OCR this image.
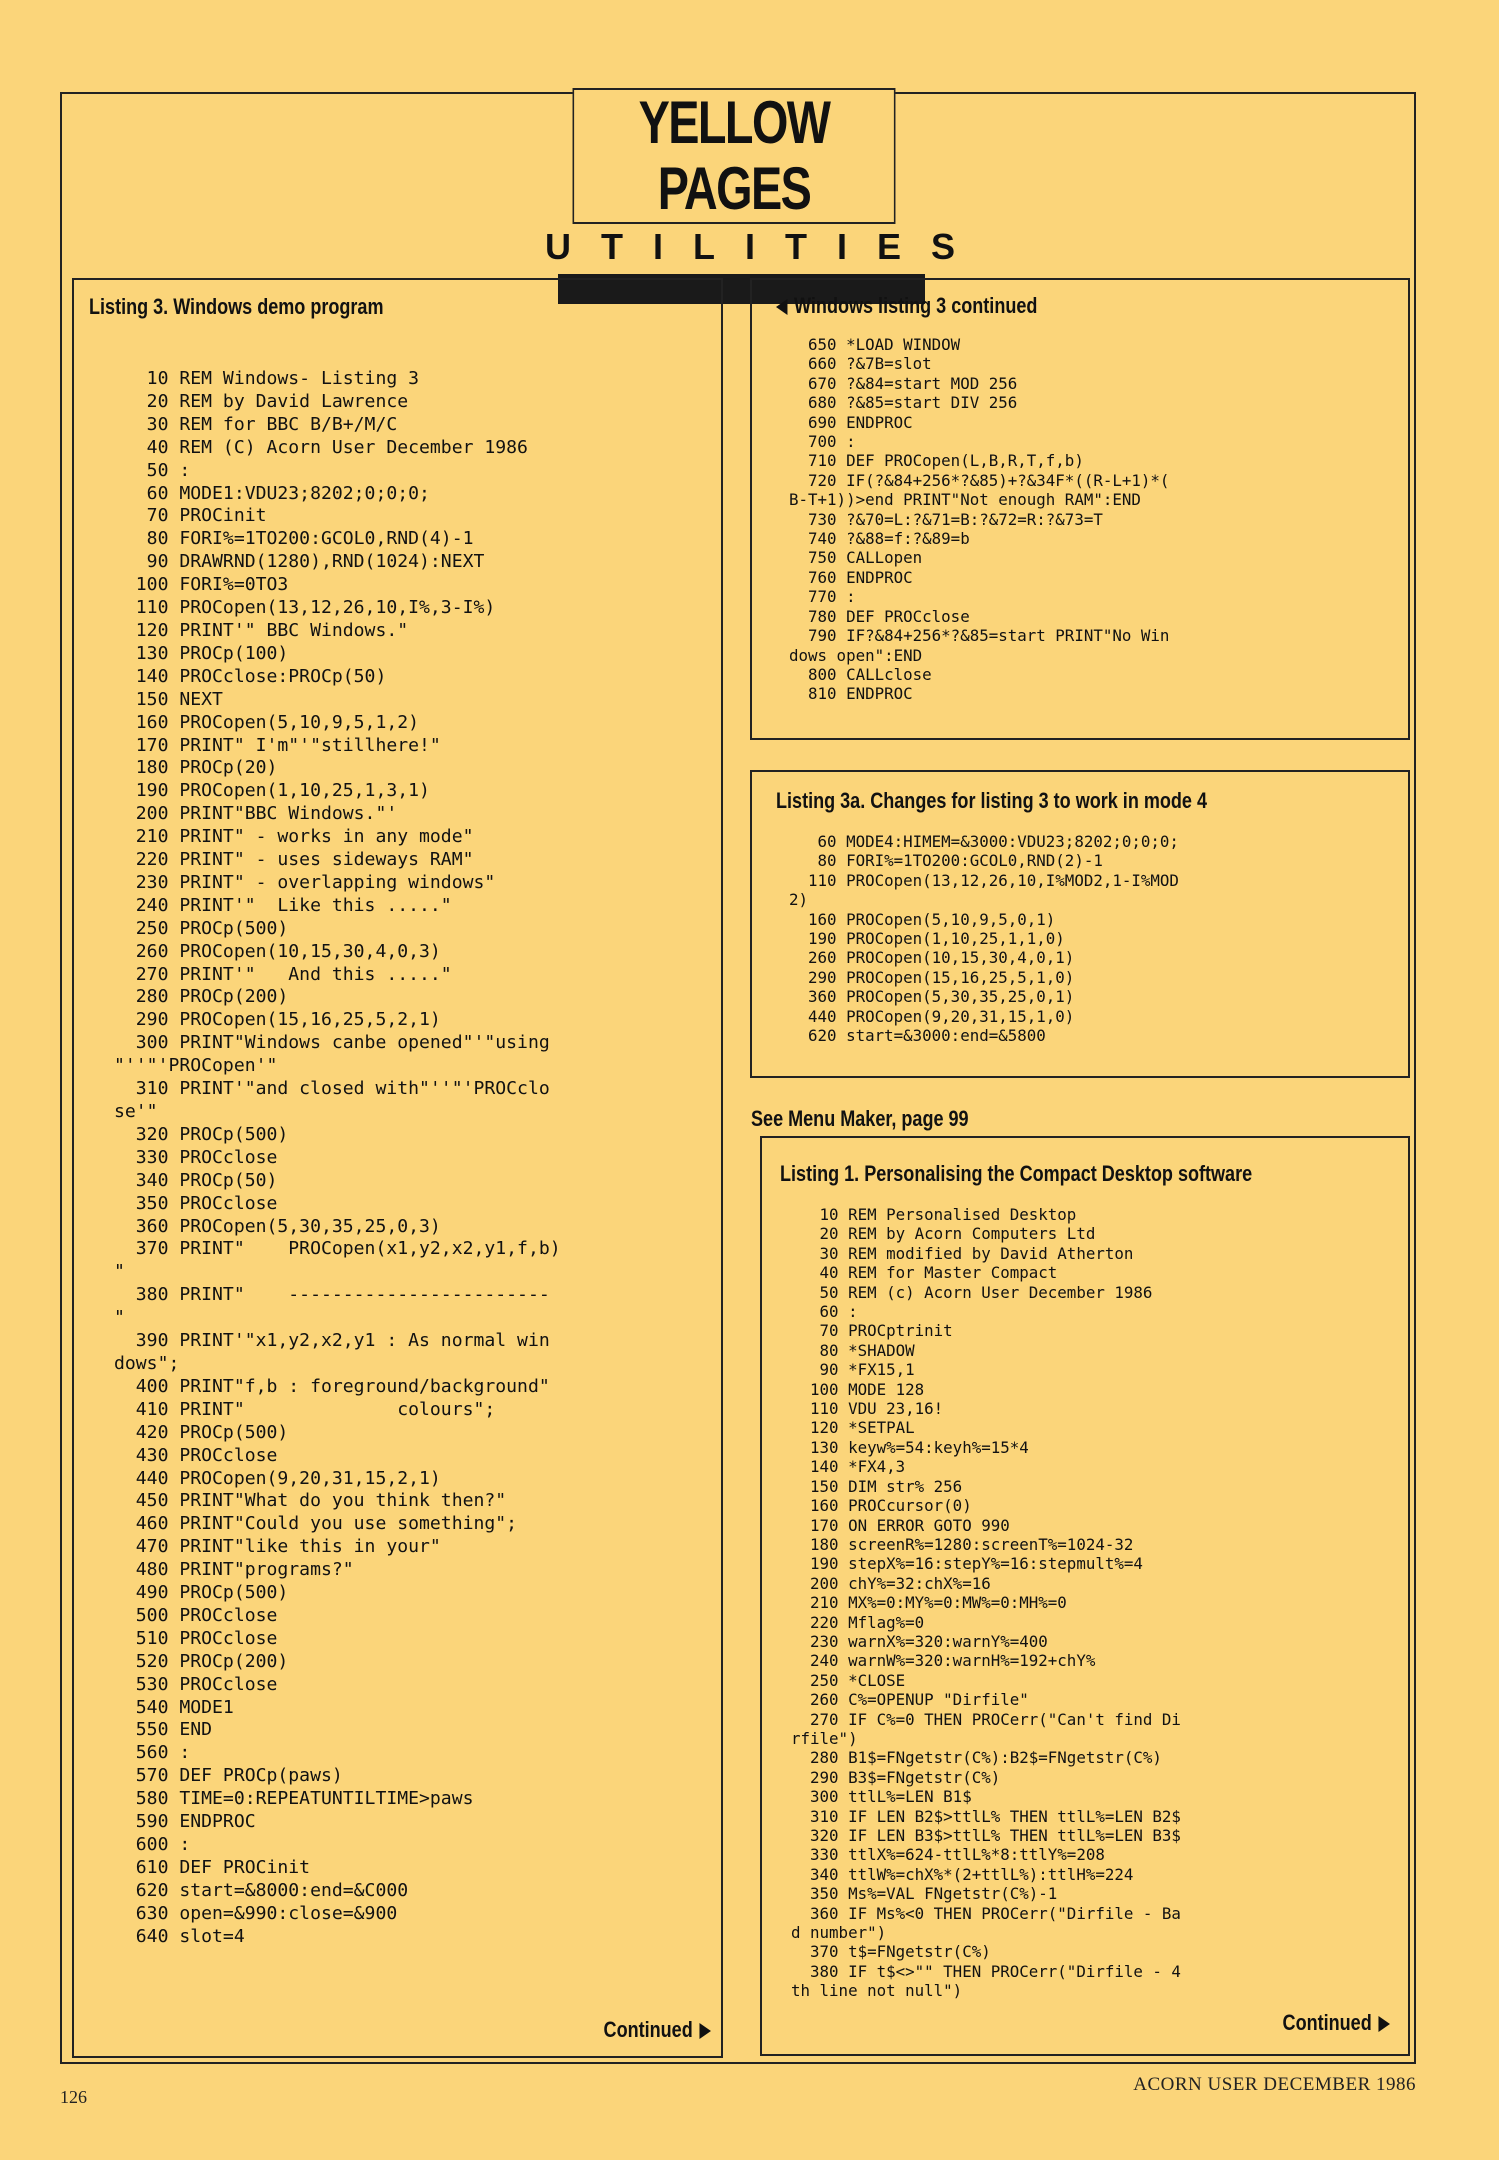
YELLOW PAGES
UTILITIES
Listing 3. Windows demo program
10 REM Windows- Listing 3
20 REM by David Lawrence
30 REM for BBC B/B+/M/C
40 REM (C) Acorn User December 1986
50 :
60 MODE1:VDU23;8202;0;0;0;
70 PROCinit
80 FORI%=1TO200:GCOL0,RND(4)-1
90 DRAWRND(1280),RND(1024):NEXT
100 FORI%=0TO3
110 PROCopen(13,12,26,10,I%,3-I%)
120 PRINT'" BBC Windows."
130 PROCp(100)
140 PROCclose:PROCp(50)
150 NEXT
160 PROCopen(5,10,9,5,1,2)
170 PRINT" I'm"'"stillhere!"
180 PROCp(20)
190 PROCopen(1,10,25,1,3,1)
200 PRINT"BBC Windows."'
210 PRINT" - works in any mode"
220 PRINT" - uses sideways RAM"
230 PRINT" - overlapping windows"
240 PRINT'"  Like this ....."
250 PROCp(500)
260 PROCopen(10,15,30,4,0,3)
270 PRINT'"   And this ....."
280 PROCp(200)
290 PROCopen(15,16,25,5,2,1)
300 PRINT"Windows canbe opened"'"using
"''"'PROCopen'"
310 PRINT'"and closed with"''"'PROCclo
se'"
320 PROCp(500)
330 PROCclose
340 PROCp(50)
350 PROCclose
360 PROCopen(5,30,35,25,0,3)
370 PRINT"    PROCopen(x1,y2,x2,y1,f,b)
"
380 PRINT"    ------------------------
"
390 PRINT'"x1,y2,x2,y1 : As normal win
dows";
400 PRINT"f,b : foreground/background"
410 PRINT"              colours";
420 PROCp(500)
430 PROCclose
440 PROCopen(9,20,31,15,2,1)
450 PRINT"What do you think then?"
460 PRINT"Could you use something";
470 PRINT"like this in your"
480 PRINT"programs?"
490 PROCp(500)
500 PROCclose
510 PROCclose
520 PROCp(200)
530 PROCclose
540 MODE1
550 END
560 :
570 DEF PROCp(paws)
580 TIME=0:REPEATUNTILTIME>paws
590 ENDPROC
600 :
610 DEF PROCinit
620 start=&8000:end=&C000
630 open=&990:close=&900
640 slot=4
Continued
Windows listing 3 continued
650 *LOAD WINDOW
660 ?&7B=slot
670 ?&84=start MOD 256
680 ?&85=start DIV 256
690 ENDPROC
700 :
710 DEF PROCopen(L,B,R,T,f,b)
720 IF(?&84+256*?&85)+?&34F*((R-L+1)*(
B-T+1))>end PRINT"Not enough RAM":END
730 ?&70=L:?&71=B:?&72=R:?&73=T
740 ?&88=f:?&89=b
750 CALLopen
760 ENDPROC
770 :
780 DEF PROCclose
790 IF?&84+256*?&85=start PRINT"No Win
dows open":END
800 CALLclose
810 ENDPROC
Listing 3a. Changes for listing 3 to work in mode 4
60 MODE4:HIMEM=&3000:VDU23;8202;0;0;0;
80 FORI%=1TO200:GCOL0,RND(2)-1
110 PROCopen(13,12,26,10,I%MOD2,1-I%MOD
2)
160 PROCopen(5,10,9,5,0,1)
190 PROCopen(1,10,25,1,1,0)
260 PROCopen(10,15,30,4,0,1)
290 PROCopen(15,16,25,5,1,0)
360 PROCopen(5,30,35,25,0,1)
440 PROCopen(9,20,31,15,1,0)
620 start=&3000:end=&5800
See Menu Maker, page 99
Listing 1. Personalising the Compact Desktop software
10 REM Personalised Desktop
20 REM by Acorn Computers Ltd
30 REM modified by David Atherton
40 REM for Master Compact
50 REM (c) Acorn User December 1986
60 :
70 PROCptrinit
80 *SHADOW
90 *FX15,1
100 MODE 128
110 VDU 23,16!
120 *SETPAL
130 keyw%=54:keyh%=15*4
140 *FX4,3
150 DIM str% 256
160 PROCcursor(0)
170 ON ERROR GOTO 990
180 screenR%=1280:screenT%=1024-32
190 stepX%=16:stepY%=16:stepmult%=4
200 chY%=32:chX%=16
210 MX%=0:MY%=0:MW%=0:MH%=0
220 Mflag%=0
230 warnX%=320:warnY%=400
240 warnW%=320:warnH%=192+chY%
250 *CLOSE
260 C%=OPENUP "Dirfile"
270 IF C%=0 THEN PROCerr("Can't find Di
rfile")
280 B1$=FNgetstr(C%):B2$=FNgetstr(C%)
290 B3$=FNgetstr(C%)
300 ttlL%=LEN B1$
310 IF LEN B2$>ttlL% THEN ttlL%=LEN B2$
320 IF LEN B3$>ttlL% THEN ttlL%=LEN B3$
330 ttlX%=624-ttlL%*8:ttlY%=208
340 ttlW%=chX%*(2+ttlL%):ttlH%=224
350 Ms%=VAL FNgetstr(C%)-1
360 IF Ms%<0 THEN PROCerr("Dirfile - Ba
d number")
370 t$=FNgetstr(C%)
380 IF t$<>"" THEN PROCerr("Dirfile - 4
th line not null")
Continued
126
ACORN USER DECEMBER 1986
